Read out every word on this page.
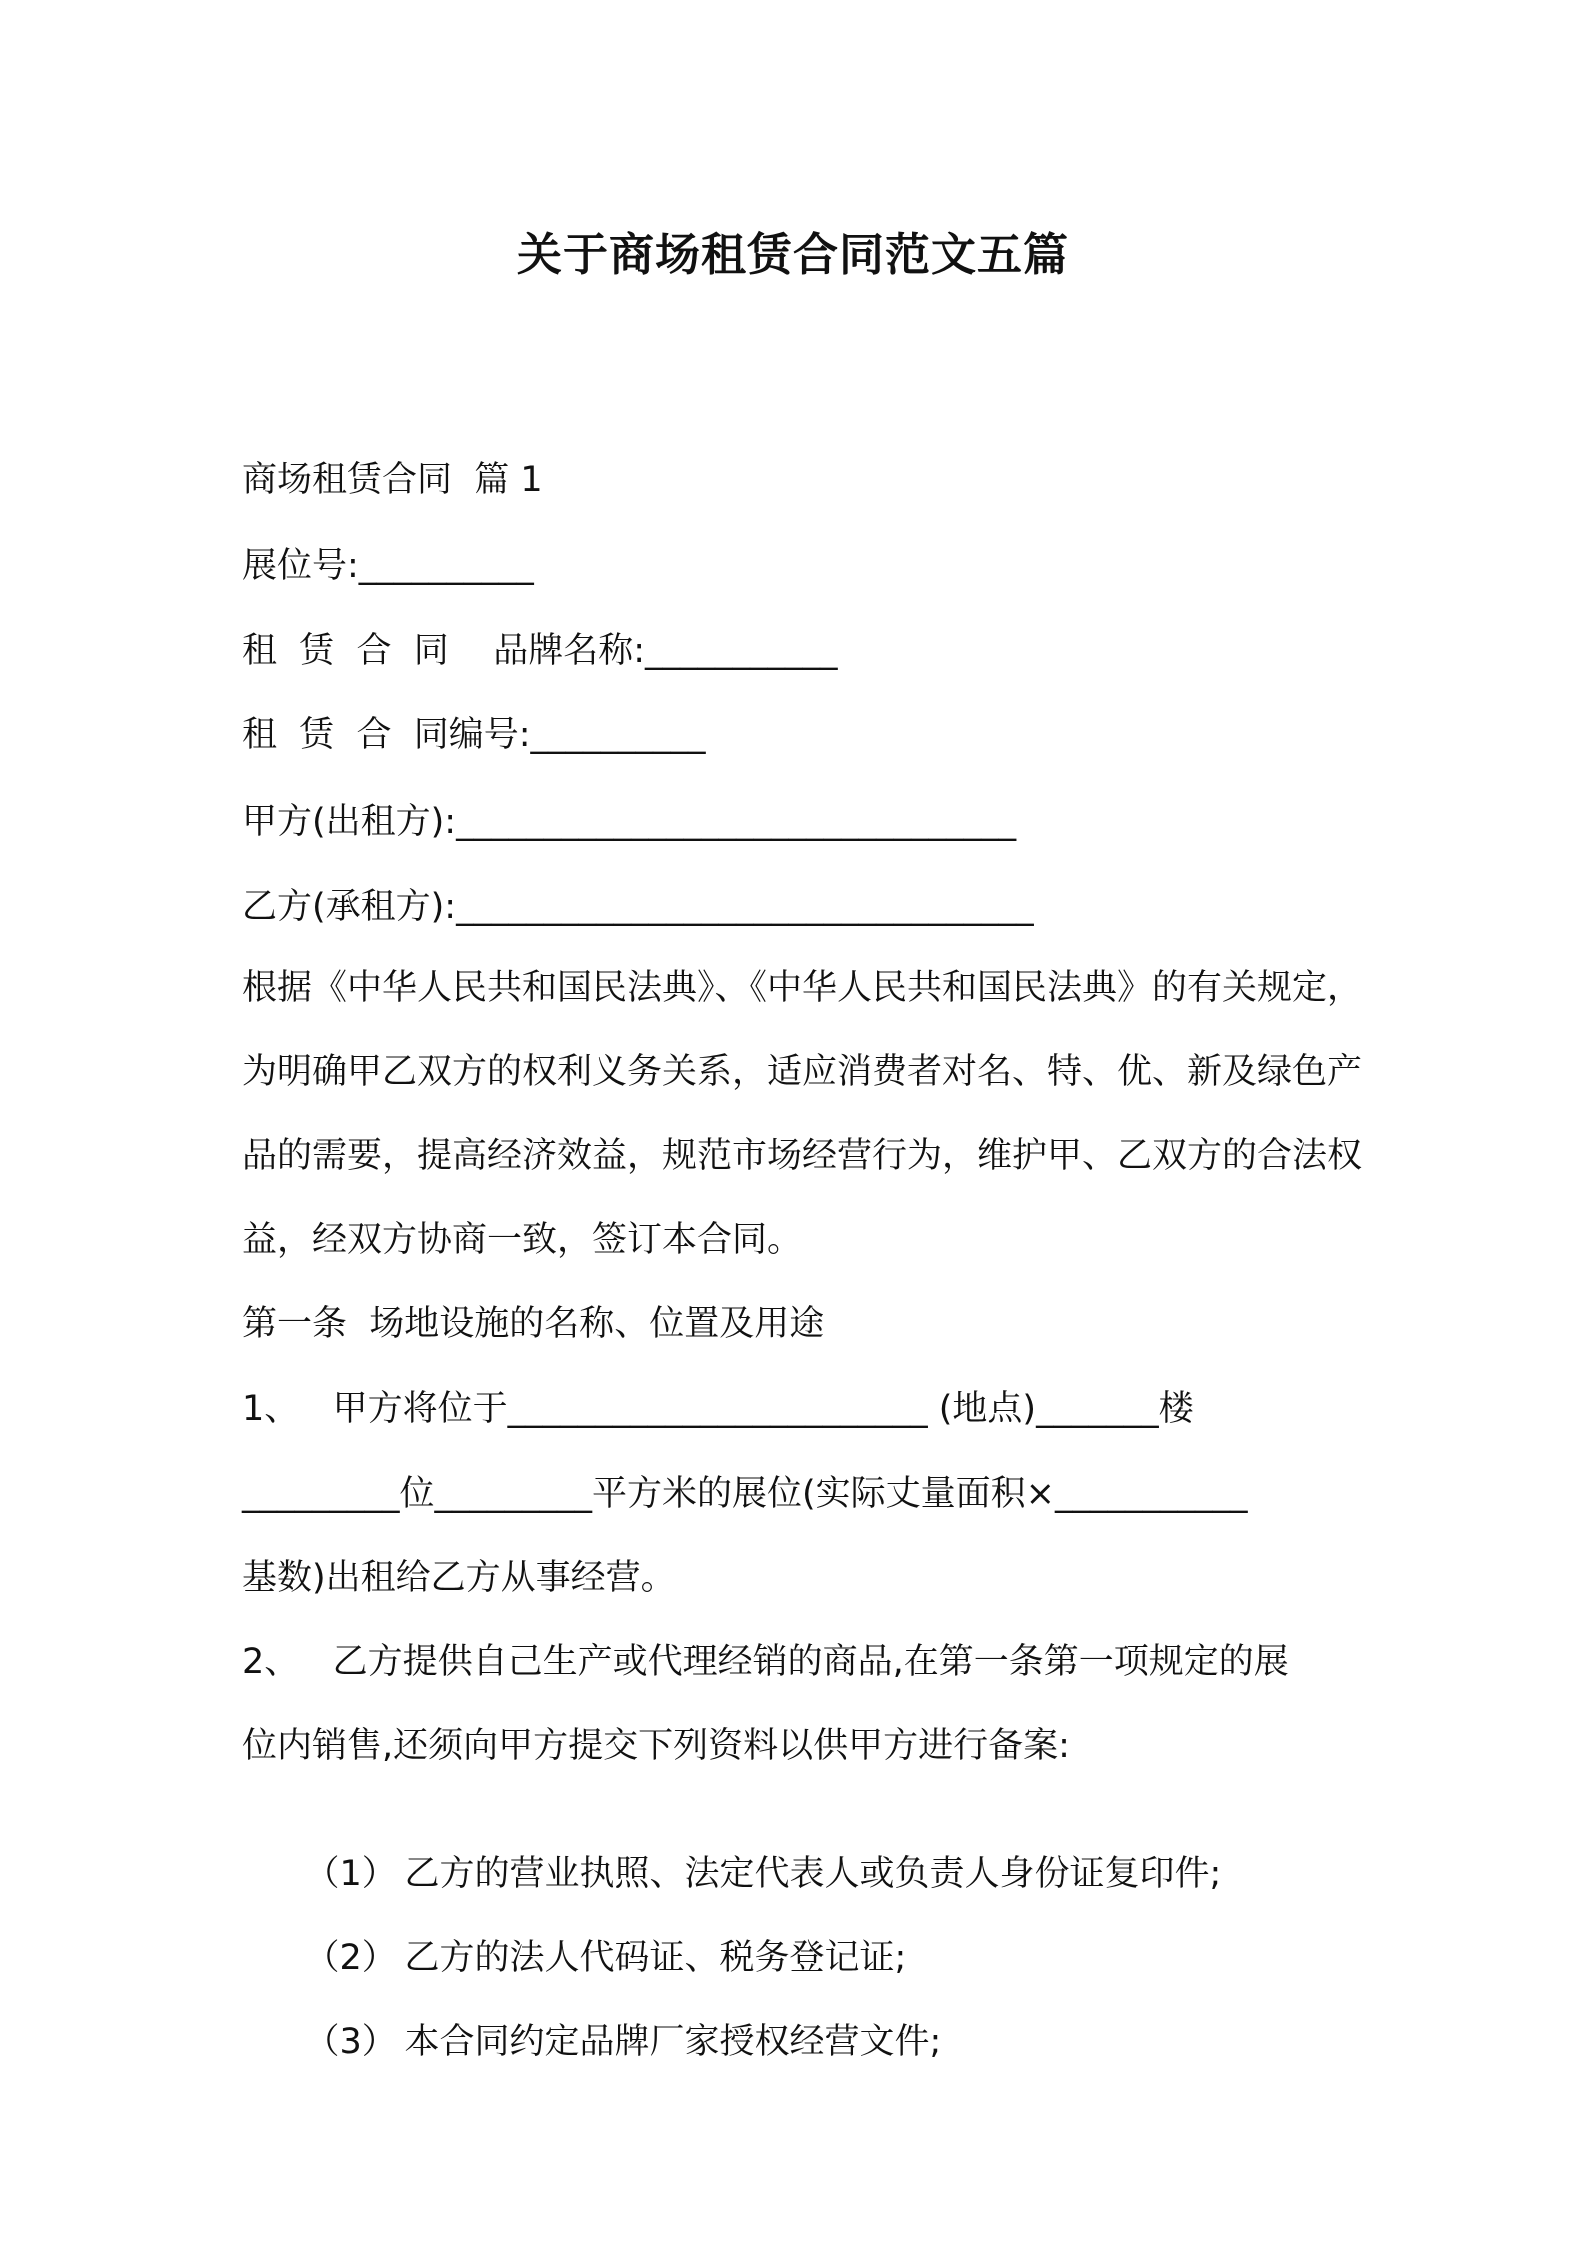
关于商场租赁合同范文五篇
商场租赁合同  篇 1
展位号:__________
租  赁  合  同    品牌名称:___________
租  赁  合  同编号:__________
甲方(出租方):________________________________
乙方(承租方):_________________________________
根据《中华人民共和国民法典》、《中华人民共和国民法典》的有关规定，为明确甲乙双方的权利义务关系，适应消费者对名、特、优、新及绿色产品的需要，提高经济效益，规范市场经营行为，维护甲、乙双方的合法权益，经双方协商一致，签订本合同。
第一条  场地设施的名称、位置及用途
1、   甲方将位于________________________ (地点)_______楼
_________位_________平方米的展位(实际丈量面积×___________
基数)出租给乙方从事经营。
2、   乙方提供自己生产或代理经销的商品,在第一条第一项规定的展
位内销售,还须向甲方提交下列资料以供甲方进行备案:

（1） 乙方的营业执照、法定代表人或负责人身份证复印件;

（2） 乙方的法人代码证、税务登记证;

（3） 本合同约定品牌厂家授权经营文件;
